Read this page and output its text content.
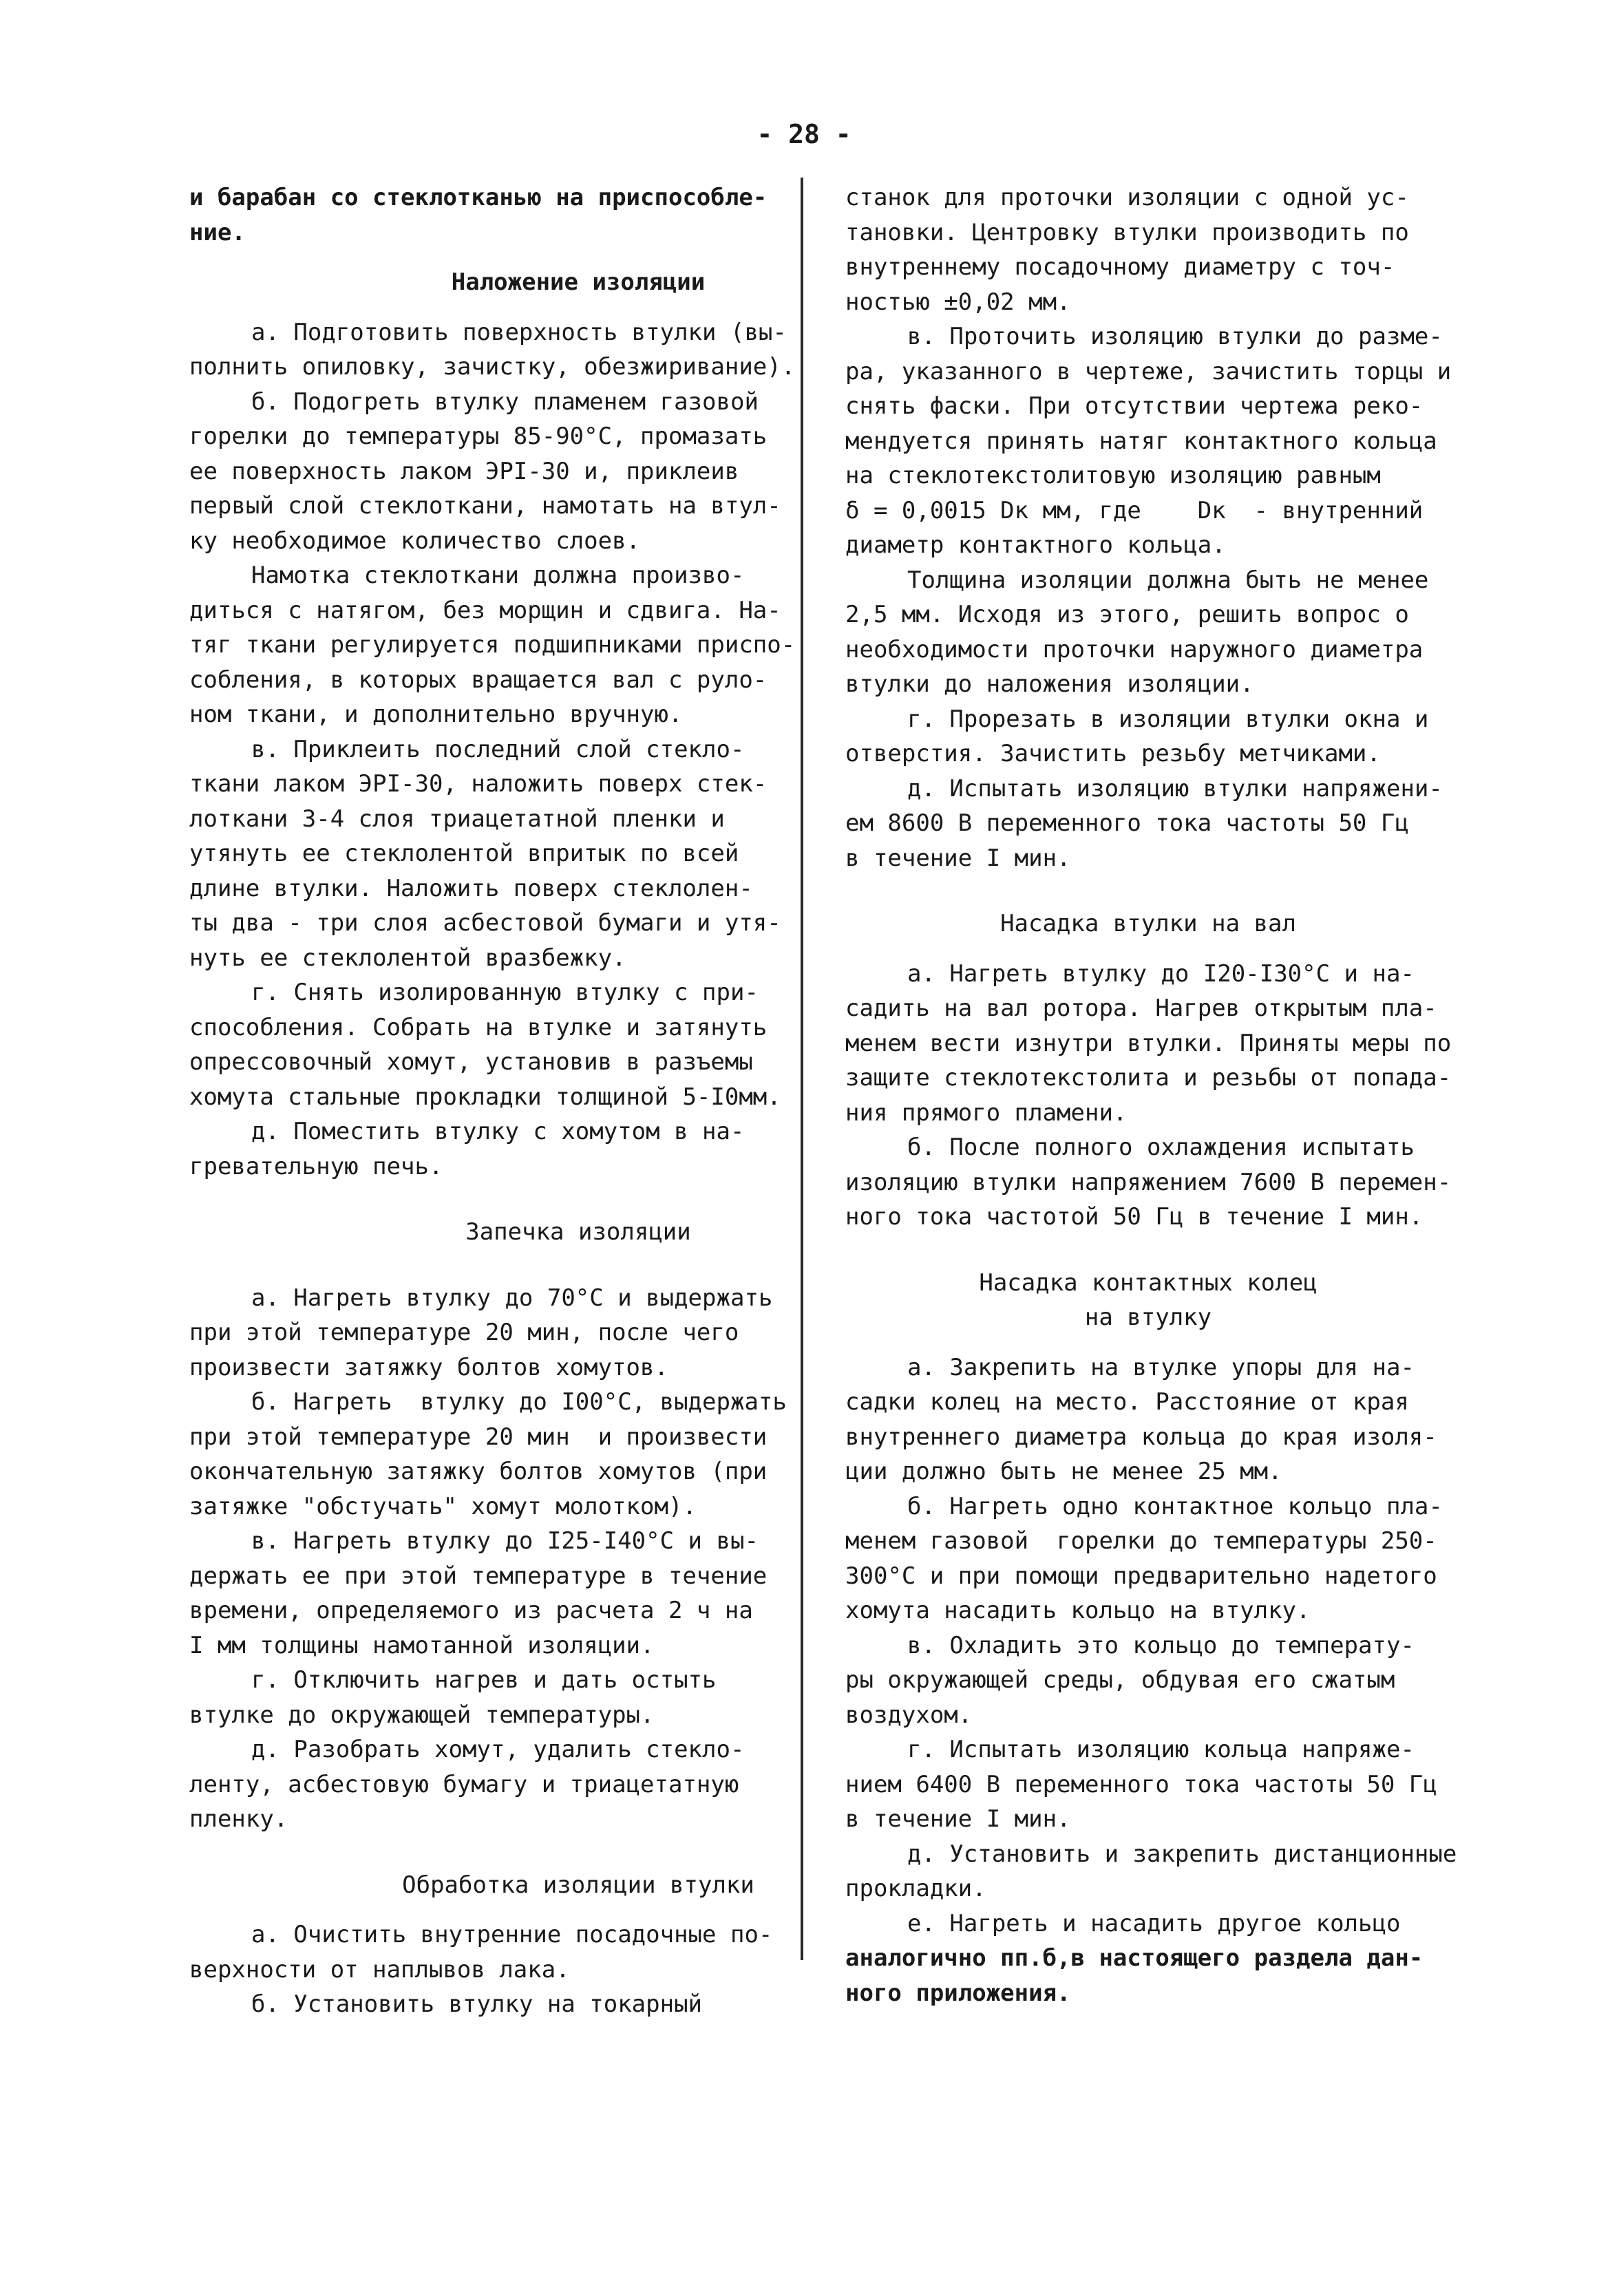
- 28 -

и барабан со стеклотканью на приспособле-

ние.

Наложение изоляции

а. Подготовить поверхность втулки (вы-

полнить опиловку, зачистку, обезжиривание).

б. Подогреть втулку пламенем газовой

горелки до температуры 85-90°С, промазать

ее поверхность лаком ЭРI-30 и, приклеив

первый слой стеклоткани, намотать на втул-

ку необходимое количество слоев.

Намотка стеклоткани должна произво-

диться с натягом, без морщин и сдвига. На-

тяг ткани регулируется подшипниками приспо-

собления, в которых вращается вал с руло-

ном ткани, и дополнительно вручную.

в. Приклеить последний слой стекло-

ткани лаком ЭРI-30, наложить поверх стек-

лоткани 3-4 слоя триацетатной пленки и

утянуть ее стеклолентой впритык по всей

длине втулки. Наложить поверх стеклолен-

ты два - три слоя асбестовой бумаги и утя-

нуть ее стеклолентой вразбежку.

г. Снять изолированную втулку с при-

способления. Собрать на втулке и затянуть

опрессовочный хомут, установив в разъемы

хомута стальные прокладки толщиной 5-I0мм.

д. Поместить втулку с хомутом в на-

гревательную печь.

Запечка изоляции

а. Нагреть втулку до 70°С и выдержать

при этой температуре 20 мин, после чего

произвести затяжку болтов хомутов.

б. Нагреть  втулку до I00°С, выдержать

при этой температуре 20 мин  и произвести

окончательную затяжку болтов хомутов (при

затяжке "обстучать" хомут молотком).

в. Нагреть втулку до I25-I40°С и вы-

держать ее при этой температуре в течение

времени, определяемого из расчета 2 ч на

I мм толщины намотанной изоляции.

г. Отключить нагрев и дать остыть

втулке до окружающей температуры.

д. Разобрать хомут, удалить стекло-

ленту, асбестовую бумагу и триацетатную

пленку.

Обработка изоляции втулки

а. Очистить внутренние посадочные по-

верхности от наплывов лака.

б. Установить втулку на токарный

станок для проточки изоляции с одной ус-

тановки. Центровку втулки производить по

внутреннему посадочному диаметру с точ-

ностью ±0,02 мм.

в. Проточить изоляцию втулки до разме-

ра, указанного в чертеже, зачистить торцы и

снять фаски. При отсутствии чертежа реко-

мендуется принять натяг контактного кольца

на стеклотекстолитовую изоляцию равным

δ = 0,0015 Dк мм, где    Dк  - внутренний

диаметр контактного кольца.

Толщина изоляции должна быть не менее

2,5 мм. Исходя из этого, решить вопрос о

необходимости проточки наружного диаметра

втулки до наложения изоляции.

г. Прорезать в изоляции втулки окна и

отверстия. Зачистить резьбу метчиками.

д. Испытать изоляцию втулки напряжени-

ем 8600 В переменного тока частоты 50 Гц

в течение I мин.

Насадка втулки на вал

а. Нагреть втулку до I20-I30°С и на-

садить на вал ротора. Нагрев открытым пла-

менем вести изнутри втулки. Приняты меры по

защите стеклотекстолита и резьбы от попада-

ния прямого пламени.

б. После полного охлаждения испытать

изоляцию втулки напряжением 7600 В перемен-

ного тока частотой 50 Гц в течение I мин.

Насадка контактных колец
на втулку

а. Закрепить на втулке упоры для на-

садки колец на место. Расстояние от края

внутреннего диаметра кольца до края изоля-

ции должно быть не менее 25 мм.

б. Нагреть одно контактное кольцо пла-

менем газовой  горелки до температуры 250-

300°С и при помощи предварительно надетого

хомута насадить кольцо на втулку.

в. Охладить это кольцо до температу-

ры окружающей среды, обдувая его сжатым

воздухом.

г. Испытать изоляцию кольца напряже-

нием 6400 В переменного тока частоты 50 Гц

в течение I мин.

д. Установить и закрепить дистанционные

прокладки.

е. Нагреть и насадить другое кольцо

аналогично пп.б,в настоящего раздела дан-

ного приложения.
